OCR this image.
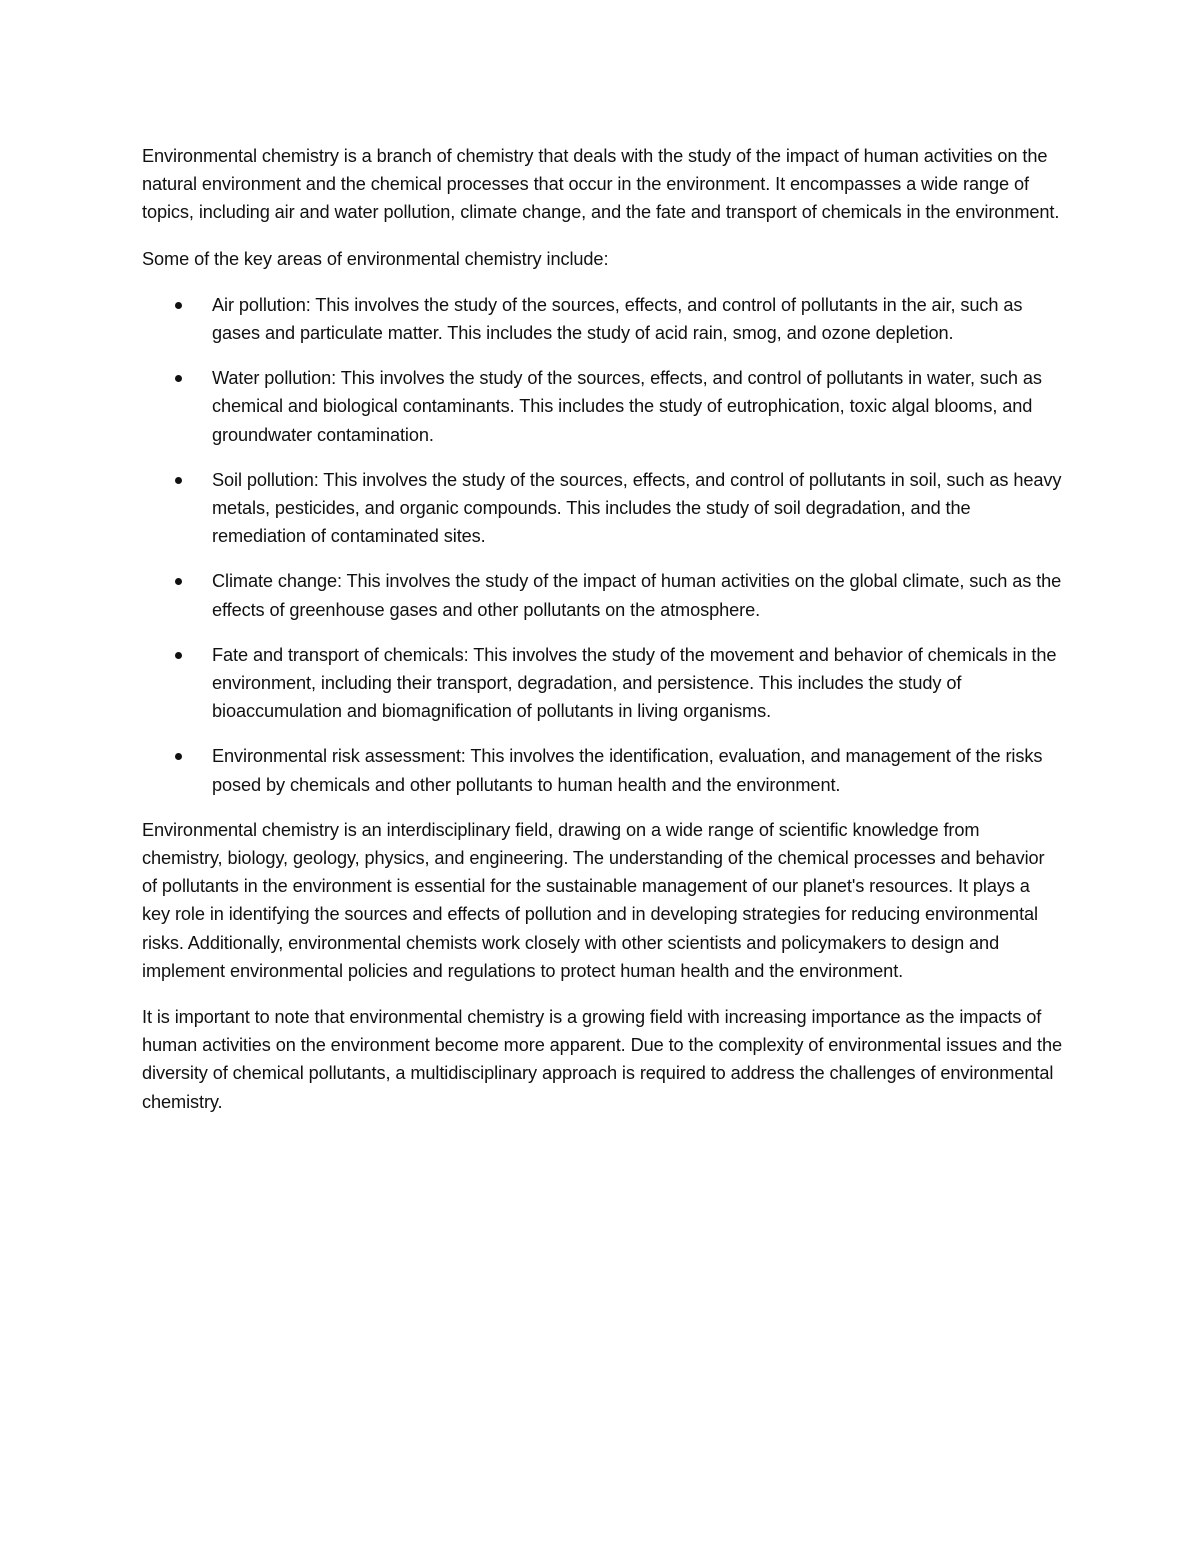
Environmental chemistry is a branch of chemistry that deals with the study of the impact of human activities on the natural environment and the chemical processes that occur in the environment. It encompasses a wide range of topics, including air and water pollution, climate change, and the fate and transport of chemicals in the environment.

Some of the key areas of environmental chemistry include:

Air pollution: This involves the study of the sources, effects, and control of pollutants in the air, such as gases and particulate matter. This includes the study of acid rain, smog, and ozone depletion.
Water pollution: This involves the study of the sources, effects, and control of pollutants in water, such as chemical and biological contaminants. This includes the study of eutrophication, toxic algal blooms, and groundwater contamination.
Soil pollution: This involves the study of the sources, effects, and control of pollutants in soil, such as heavy metals, pesticides, and organic compounds. This includes the study of soil degradation, and the remediation of contaminated sites.
Climate change: This involves the study of the impact of human activities on the global climate, such as the effects of greenhouse gases and other pollutants on the atmosphere.
Fate and transport of chemicals: This involves the study of the movement and behavior of chemicals in the environment, including their transport, degradation, and persistence. This includes the study of bioaccumulation and biomagnification of pollutants in living organisms.
Environmental risk assessment: This involves the identification, evaluation, and management of the risks posed by chemicals and other pollutants to human health and the environment.

Environmental chemistry is an interdisciplinary field, drawing on a wide range of scientific knowledge from chemistry, biology, geology, physics, and engineering. The understanding of the chemical processes and behavior of pollutants in the environment is essential for the sustainable management of our planet's resources. It plays a key role in identifying the sources and effects of pollution and in developing strategies for reducing environmental risks. Additionally, environmental chemists work closely with other scientists and policymakers to design and implement environmental policies and regulations to protect human health and the environment.

It is important to note that environmental chemistry is a growing field with increasing importance as the impacts of human activities on the environment become more apparent. Due to the complexity of environmental issues and the diversity of chemical pollutants, a multidisciplinary approach is required to address the challenges of environmental chemistry.
